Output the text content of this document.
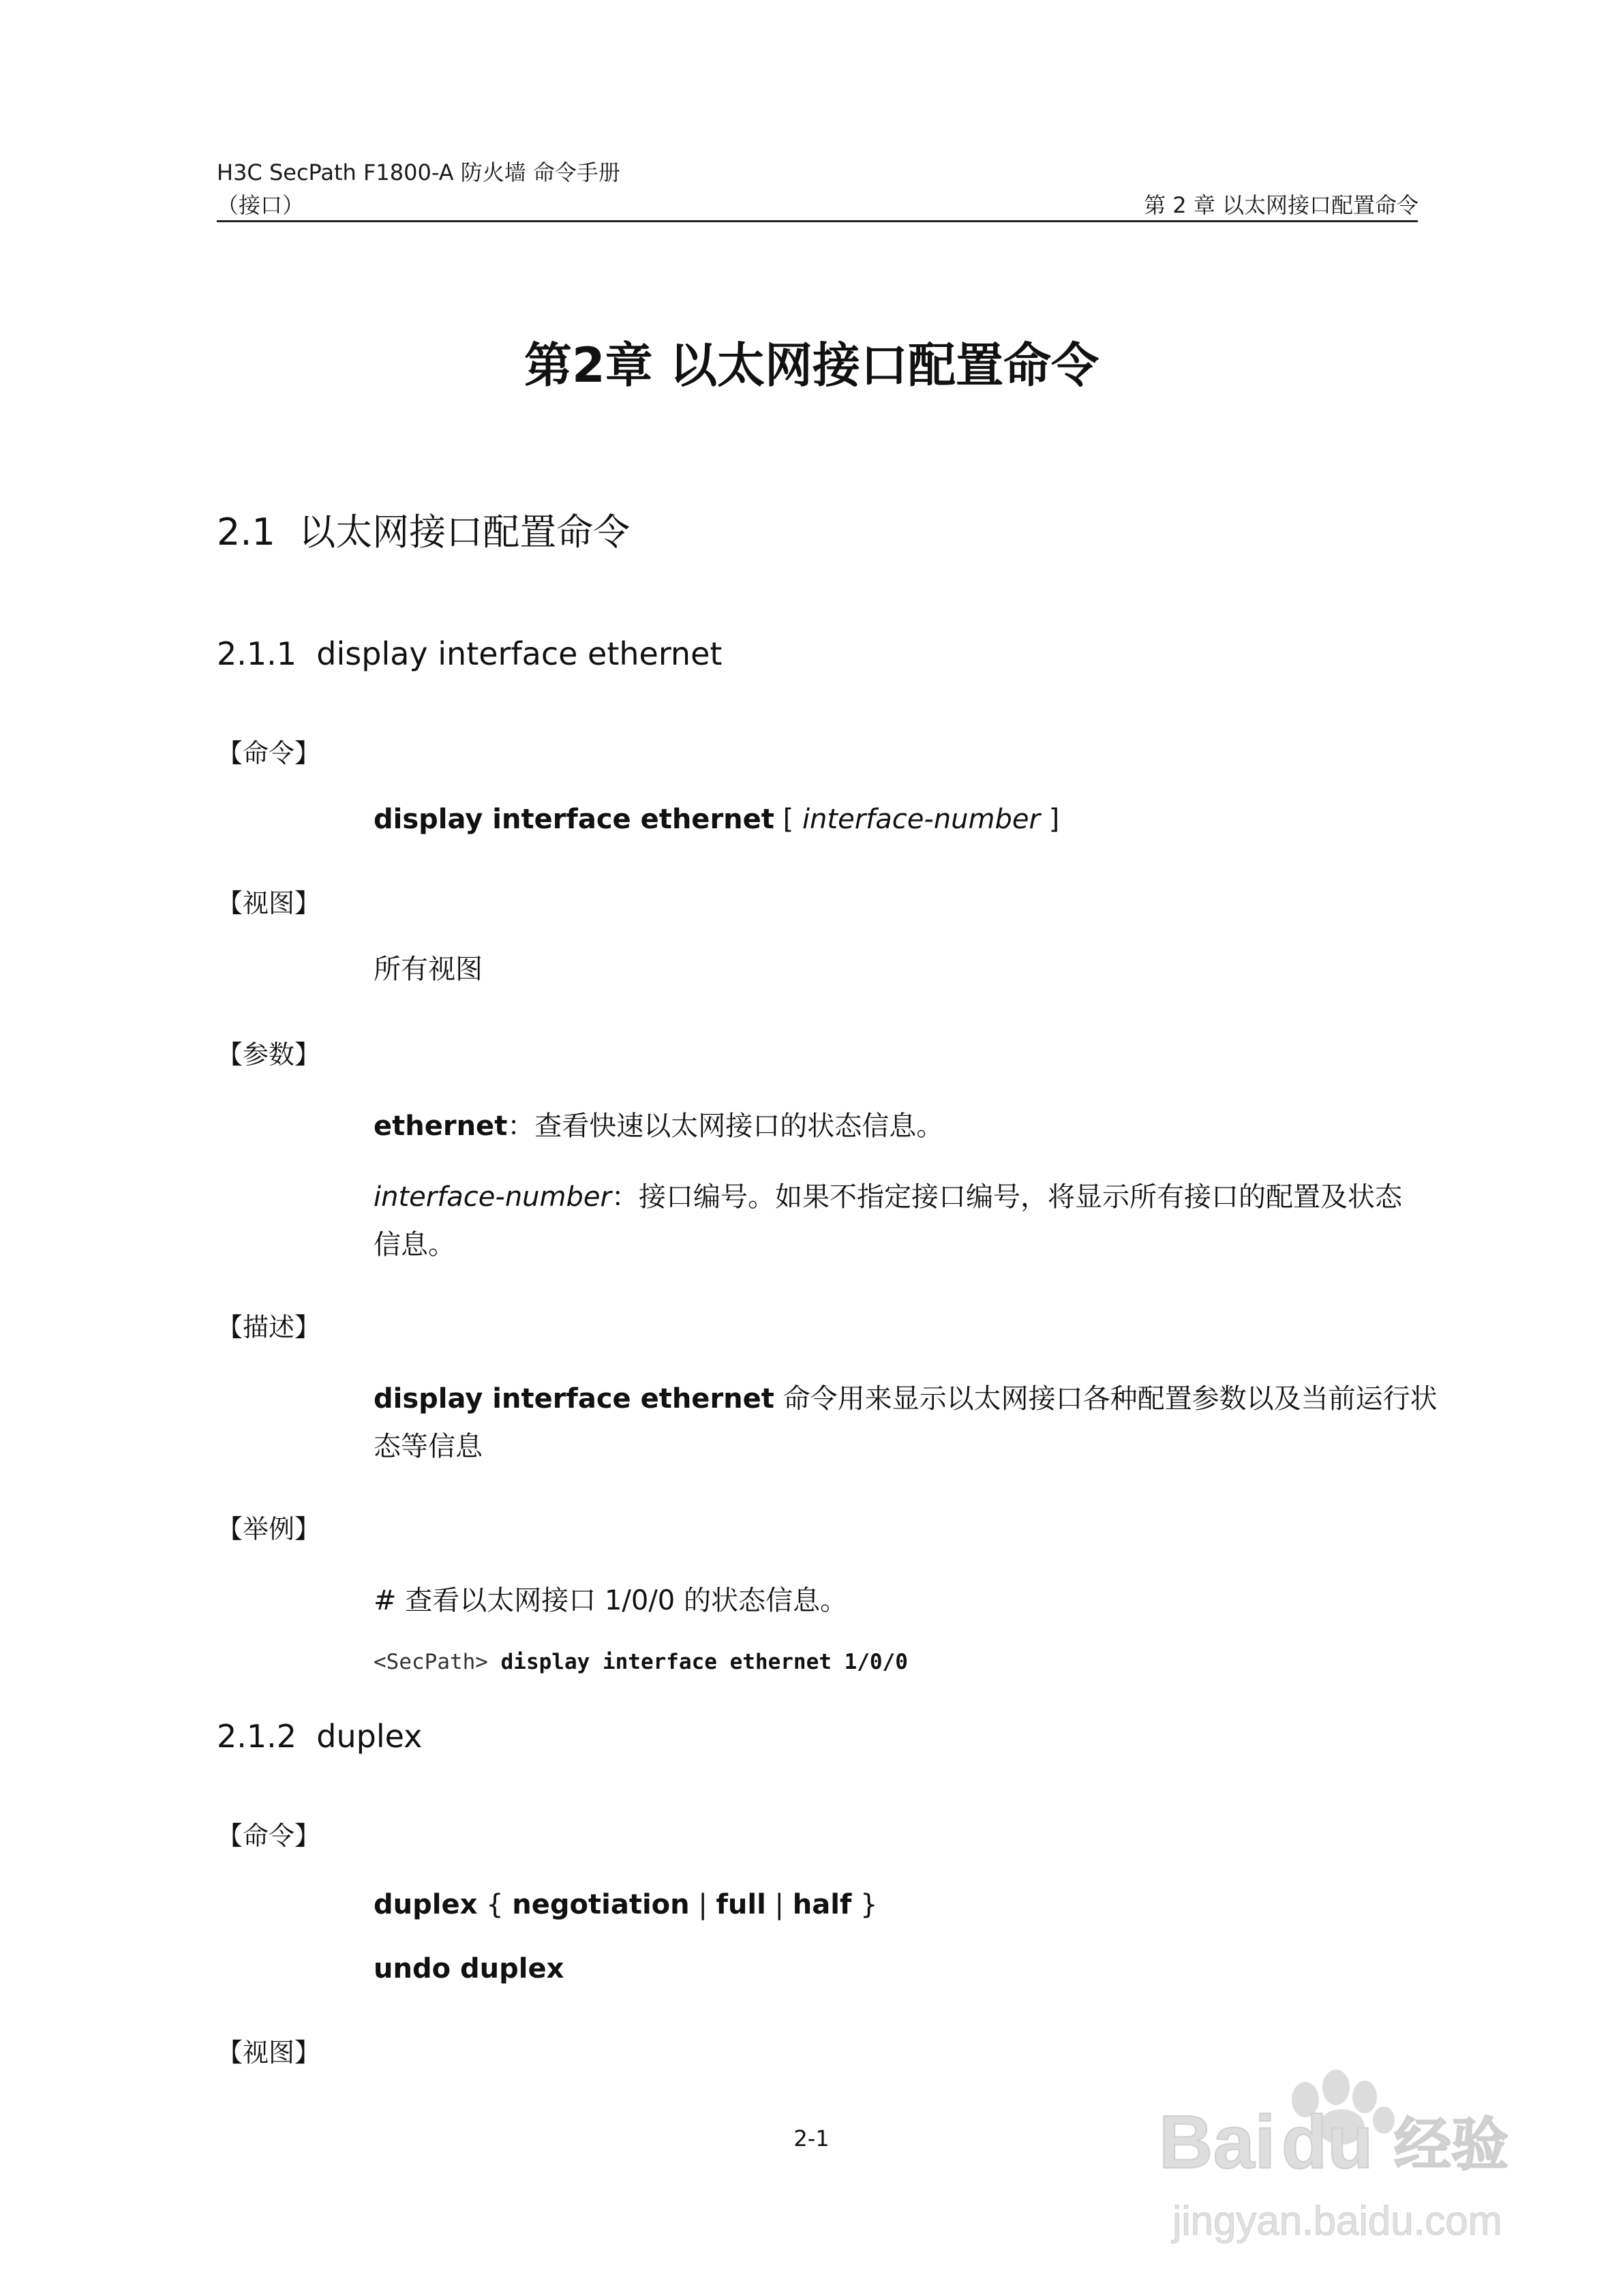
H3C SecPath F1800-A 防火墙 命令手册
（接口）	第 2 章 以太网接口配置命令
第2章 以太网接口配置命令
2.1 以太网接口配置命令
2.1.1 display interface ethernet
【命令】
display interface ethernet [ interface-number ]
【视图】
所有视图
【参数】
ethernet：查看快速以太网接口的状态信息。
interface-number：接口编号。如果不指定接口编号，将显示所有接口的配置及状态
信息。
【描述】
display interface ethernet 命令用来显示以太网接口各种配置参数以及当前运行状
态等信息
【举例】
# 查看以太网接口 1/0/0 的状态信息。
<SecPath> display interface ethernet 1/0/0
2.1.2 duplex
【命令】
duplex { negotiation | full | half }
undo duplex
【视图】
2-1	Bai du 经验
jingyan.baidu.com
